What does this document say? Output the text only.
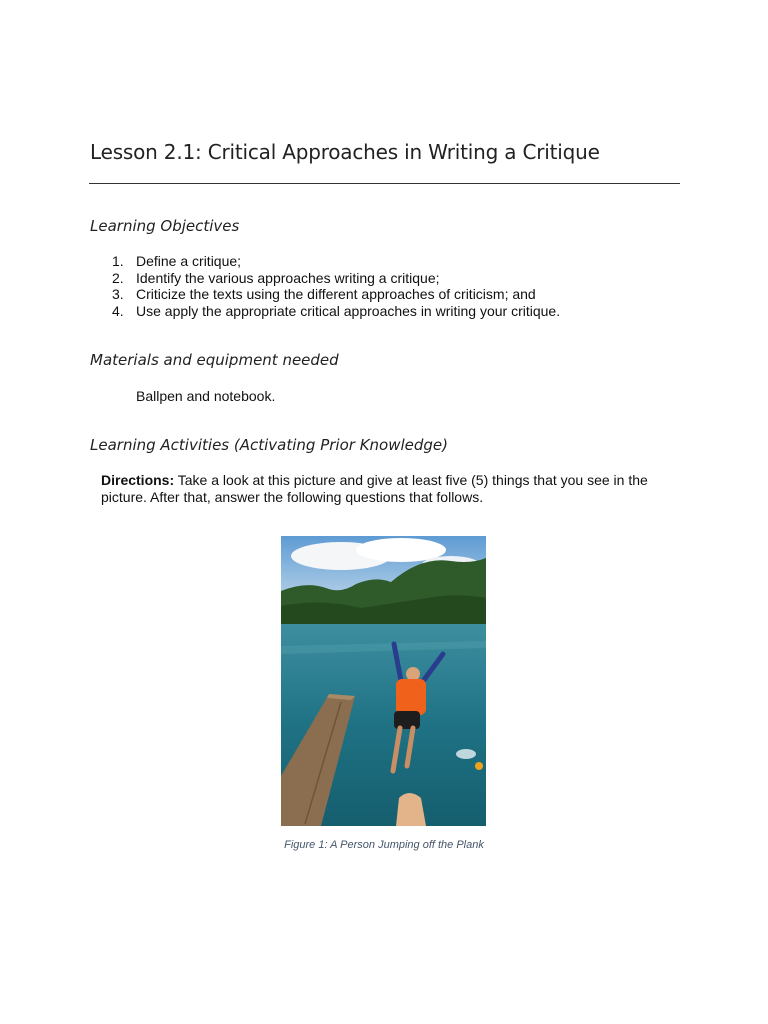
Lesson 2.1: Critical Approaches in Writing a Critique
Learning Objectives
1. Define a critique;
2. Identify the various approaches writing a critique;
3. Criticize the texts using the different approaches of criticism; and
4. Use apply the appropriate critical approaches in writing your critique.
Materials and equipment needed

Ballpen and notebook.

Learning Activities (Activating Prior Knowledge)

Directions: Take a look at this picture and give at least five (5) things that you see in the picture. After that, answer the following questions that follows.

Figure 1: A Person Jumping off the Plank
